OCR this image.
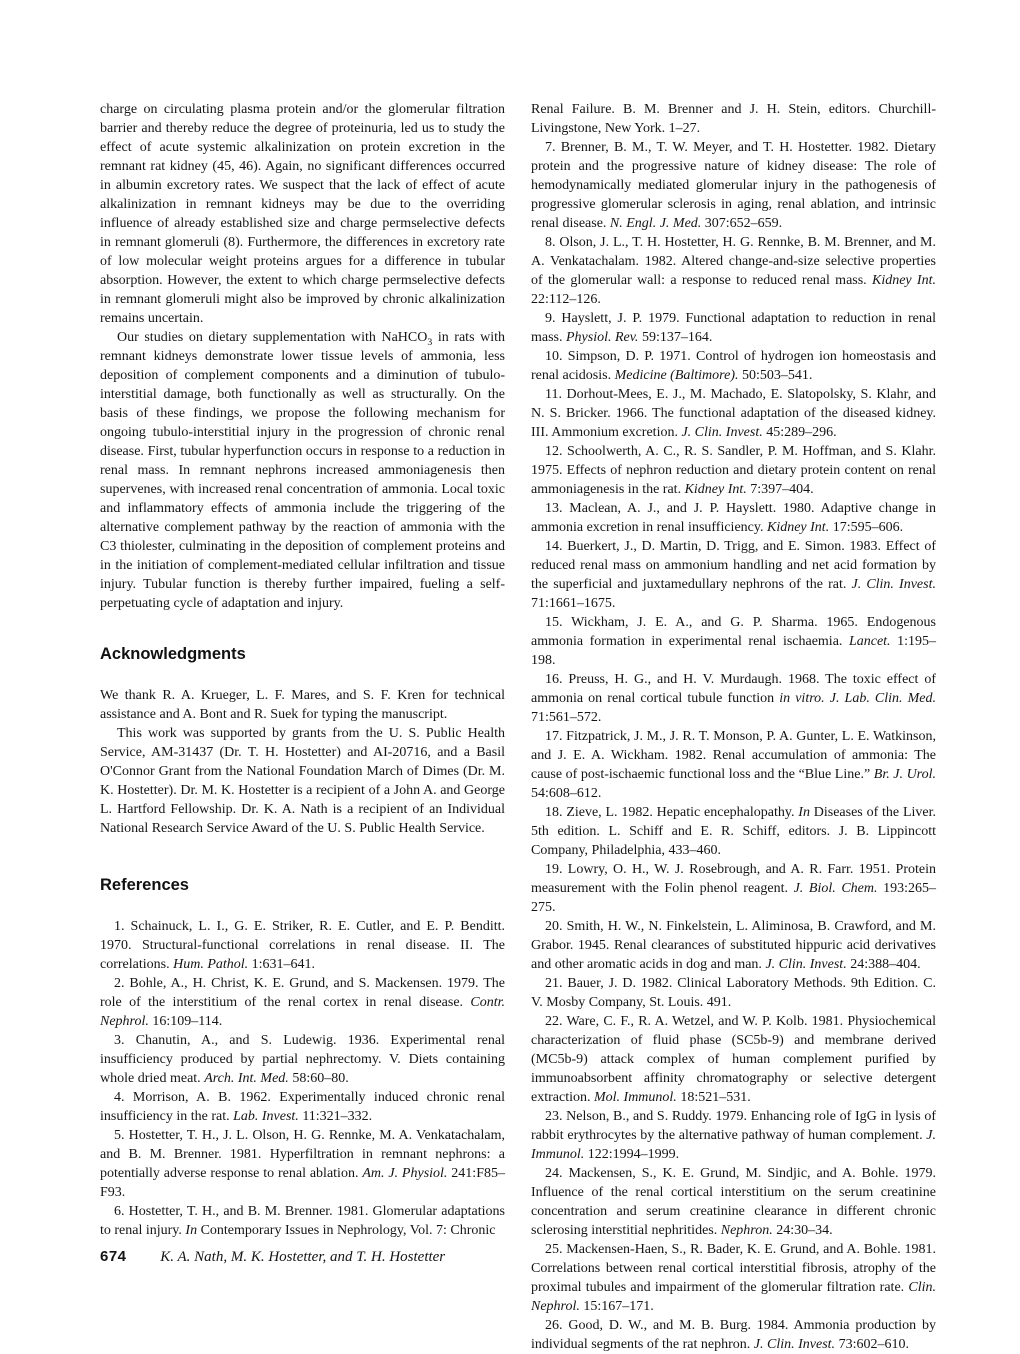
charge on circulating plasma protein and/or the glomerular filtration barrier and thereby reduce the degree of proteinuria, led us to study the effect of acute systemic alkalinization on protein excretion in the remnant rat kidney (45, 46). Again, no significant differences occurred in albumin excretory rates. We suspect that the lack of effect of acute alkalinization in remnant kidneys may be due to the overriding influence of already established size and charge permselective defects in remnant glomeruli (8). Furthermore, the differences in excretory rate of low molecular weight proteins argues for a difference in tubular absorption. However, the extent to which charge permselective defects in remnant glomeruli might also be improved by chronic alkalinization remains uncertain.

Our studies on dietary supplementation with NaHCO$_3$ in rats with remnant kidneys demonstrate lower tissue levels of ammonia, less deposition of complement components and a diminution of tubulo-interstitial damage, both functionally as well as structurally. On the basis of these findings, we propose the following mechanism for ongoing tubulo-interstitial injury in the progression of chronic renal disease. First, tubular hyperfunction occurs in response to a reduction in renal mass. In remnant nephrons increased ammoniagenesis then supervenes, with increased renal concentration of ammonia. Local toxic and inflammatory effects of ammonia include the triggering of the alternative complement pathway by the reaction of ammonia with the C3 thiolester, culminating in the deposition of complement proteins and in the initiation of complement-mediated cellular infiltration and tissue injury. Tubular function is thereby further impaired, fueling a self-perpetuating cycle of adaptation and injury.

Acknowledgments

We thank R. A. Krueger, L. F. Mares, and S. F. Kren for technical assistance and A. Bont and R. Suek for typing the manuscript.

This work was supported by grants from the U. S. Public Health Service, AM-31437 (Dr. T. H. Hostetter) and AI-20716, and a Basil O'Connor Grant from the National Foundation March of Dimes (Dr. M. K. Hostetter). Dr. M. K. Hostetter is a recipient of a John A. and George L. Hartford Fellowship. Dr. K. A. Nath is a recipient of an Individual National Research Service Award of the U. S. Public Health Service.

References

1. Schainuck, L. I., G. E. Striker, R. E. Cutler, and E. P. Benditt. 1970. Structural-functional correlations in renal disease. II. The correlations. Hum. Pathol. 1:631–641.

2. Bohle, A., H. Christ, K. E. Grund, and S. Mackensen. 1979. The role of the interstitium of the renal cortex in renal disease. Contr. Nephrol. 16:109–114.

3. Chanutin, A., and S. Ludewig. 1936. Experimental renal insufficiency produced by partial nephrectomy. V. Diets containing whole dried meat. Arch. Int. Med. 58:60–80.

4. Morrison, A. B. 1962. Experimentally induced chronic renal insufficiency in the rat. Lab. Invest. 11:321–332.

5. Hostetter, T. H., J. L. Olson, H. G. Rennke, M. A. Venkatachalam, and B. M. Brenner. 1981. Hyperfiltration in remnant nephrons: a potentially adverse response to renal ablation. Am. J. Physiol. 241:F85–F93.

6. Hostetter, T. H., and B. M. Brenner. 1981. Glomerular adaptations to renal injury. In Contemporary Issues in Nephrology, Vol. 7: Chronic

Renal Failure. B. M. Brenner and J. H. Stein, editors. Churchill-Livingstone, New York. 1–27.

7. Brenner, B. M., T. W. Meyer, and T. H. Hostetter. 1982. Dietary protein and the progressive nature of kidney disease: The role of hemodynamically mediated glomerular injury in the pathogenesis of progressive glomerular sclerosis in aging, renal ablation, and intrinsic renal disease. N. Engl. J. Med. 307:652–659.

8. Olson, J. L., T. H. Hostetter, H. G. Rennke, B. M. Brenner, and M. A. Venkatachalam. 1982. Altered change-and-size selective properties of the glomerular wall: a response to reduced renal mass. Kidney Int. 22:112–126.

9. Hayslett, J. P. 1979. Functional adaptation to reduction in renal mass. Physiol. Rev. 59:137–164.

10. Simpson, D. P. 1971. Control of hydrogen ion homeostasis and renal acidosis. Medicine (Baltimore). 50:503–541.

11. Dorhout-Mees, E. J., M. Machado, E. Slatopolsky, S. Klahr, and N. S. Bricker. 1966. The functional adaptation of the diseased kidney. III. Ammonium excretion. J. Clin. Invest. 45:289–296.

12. Schoolwerth, A. C., R. S. Sandler, P. M. Hoffman, and S. Klahr. 1975. Effects of nephron reduction and dietary protein content on renal ammoniagenesis in the rat. Kidney Int. 7:397–404.

13. Maclean, A. J., and J. P. Hayslett. 1980. Adaptive change in ammonia excretion in renal insufficiency. Kidney Int. 17:595–606.

14. Buerkert, J., D. Martin, D. Trigg, and E. Simon. 1983. Effect of reduced renal mass on ammonium handling and net acid formation by the superficial and juxtamedullary nephrons of the rat. J. Clin. Invest. 71:1661–1675.

15. Wickham, J. E. A., and G. P. Sharma. 1965. Endogenous ammonia formation in experimental renal ischaemia. Lancet. 1:195–198.

16. Preuss, H. G., and H. V. Murdaugh. 1968. The toxic effect of ammonia on renal cortical tubule function in vitro. J. Lab. Clin. Med. 71:561–572.

17. Fitzpatrick, J. M., J. R. T. Monson, P. A. Gunter, L. E. Watkinson, and J. E. A. Wickham. 1982. Renal accumulation of ammonia: The cause of post-ischaemic functional loss and the “Blue Line.” Br. J. Urol. 54:608–612.

18. Zieve, L. 1982. Hepatic encephalopathy. In Diseases of the Liver. 5th edition. L. Schiff and E. R. Schiff, editors. J. B. Lippincott Company, Philadelphia, 433–460.

19. Lowry, O. H., W. J. Rosebrough, and A. R. Farr. 1951. Protein measurement with the Folin phenol reagent. J. Biol. Chem. 193:265–275.

20. Smith, H. W., N. Finkelstein, L. Aliminosa, B. Crawford, and M. Grabor. 1945. Renal clearances of substituted hippuric acid derivatives and other aromatic acids in dog and man. J. Clin. Invest. 24:388–404.

21. Bauer, J. D. 1982. Clinical Laboratory Methods. 9th Edition. C. V. Mosby Company, St. Louis. 491.

22. Ware, C. F., R. A. Wetzel, and W. P. Kolb. 1981. Physiochemical characterization of fluid phase (SC5b-9) and membrane derived (MC5b-9) attack complex of human complement purified by immunoabsorbent affinity chromatography or selective detergent extraction. Mol. Immunol. 18:521–531.

23. Nelson, B., and S. Ruddy. 1979. Enhancing role of IgG in lysis of rabbit erythrocytes by the alternative pathway of human complement. J. Immunol. 122:1994–1999.

24. Mackensen, S., K. E. Grund, M. Sindjic, and A. Bohle. 1979. Influence of the renal cortical interstitium on the serum creatinine concentration and serum creatinine clearance in different chronic sclerosing interstitial nephritides. Nephron. 24:30–34.

25. Mackensen-Haen, S., R. Bader, K. E. Grund, and A. Bohle. 1981. Correlations between renal cortical interstitial fibrosis, atrophy of the proximal tubules and impairment of the glomerular filtration rate. Clin. Nephrol. 15:167–171.

26. Good, D. W., and M. B. Burg. 1984. Ammonia production by individual segments of the rat nephron. J. Clin. Invest. 73:602–610.

674 K. A. Nath, M. K. Hostetter, and T. H. Hostetter
